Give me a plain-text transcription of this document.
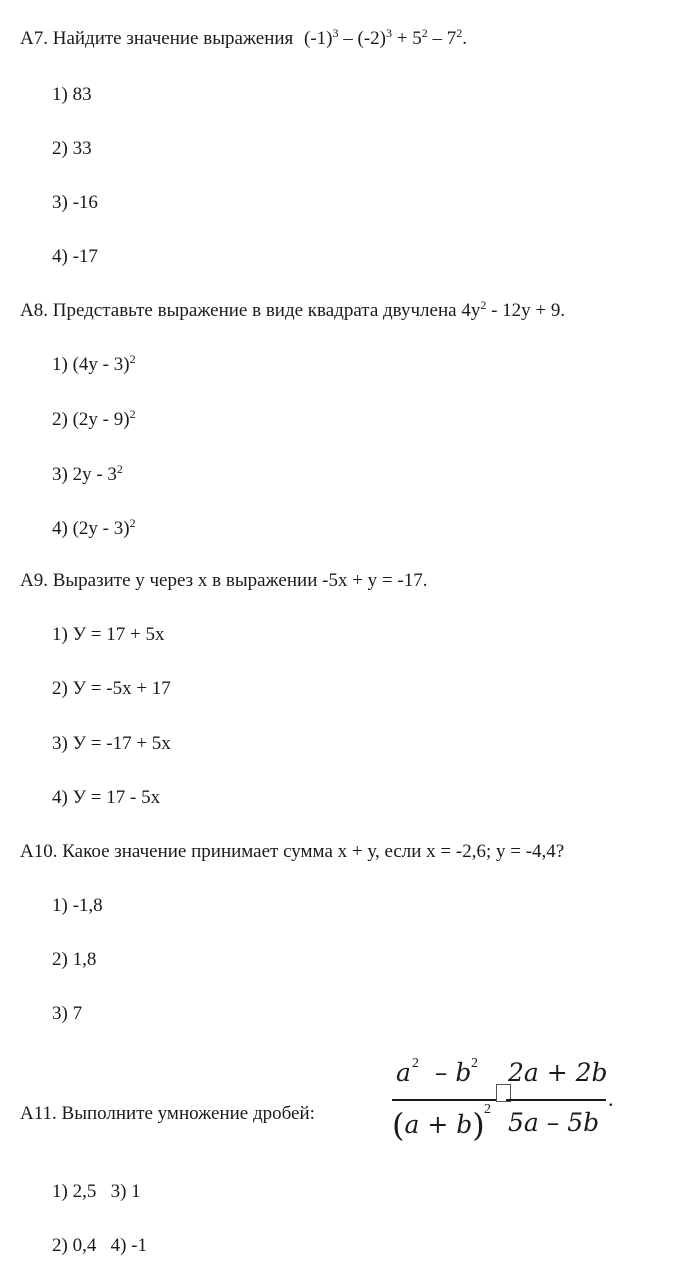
А7. Найдите значение выражения $(-1)^3 - (-2)^3 + 5^2 - 7^2$.
1) 83
2) 33
3) -16
4) -17
А8. Представьте выражение в виде квадрата двучлена $4у^2 - 12у + 9$.
1) (4у - 3)$^2$
2) (2у - 9)$^2$
3) $2у - 3^2$
4) (2у - 3)$^2$
А9. Выразите у через х в выражении -5х + у = -17.
1) У = 17 + 5х
2) У = -5х + 17
3) У = -17 + 5х
4) У = 17 - 5х
А10. Какое значение принимает сумма х + у, если х = -2,6; у = -4,4?
1) -1,8
2) 1,8
3) 7
А11. Выполните умножение дробей:
a – b
2	2
(a + b) 2
2a + 2b
5a – 5b
.
1) 2,5   3) 1
2) 0,4   4) -1
